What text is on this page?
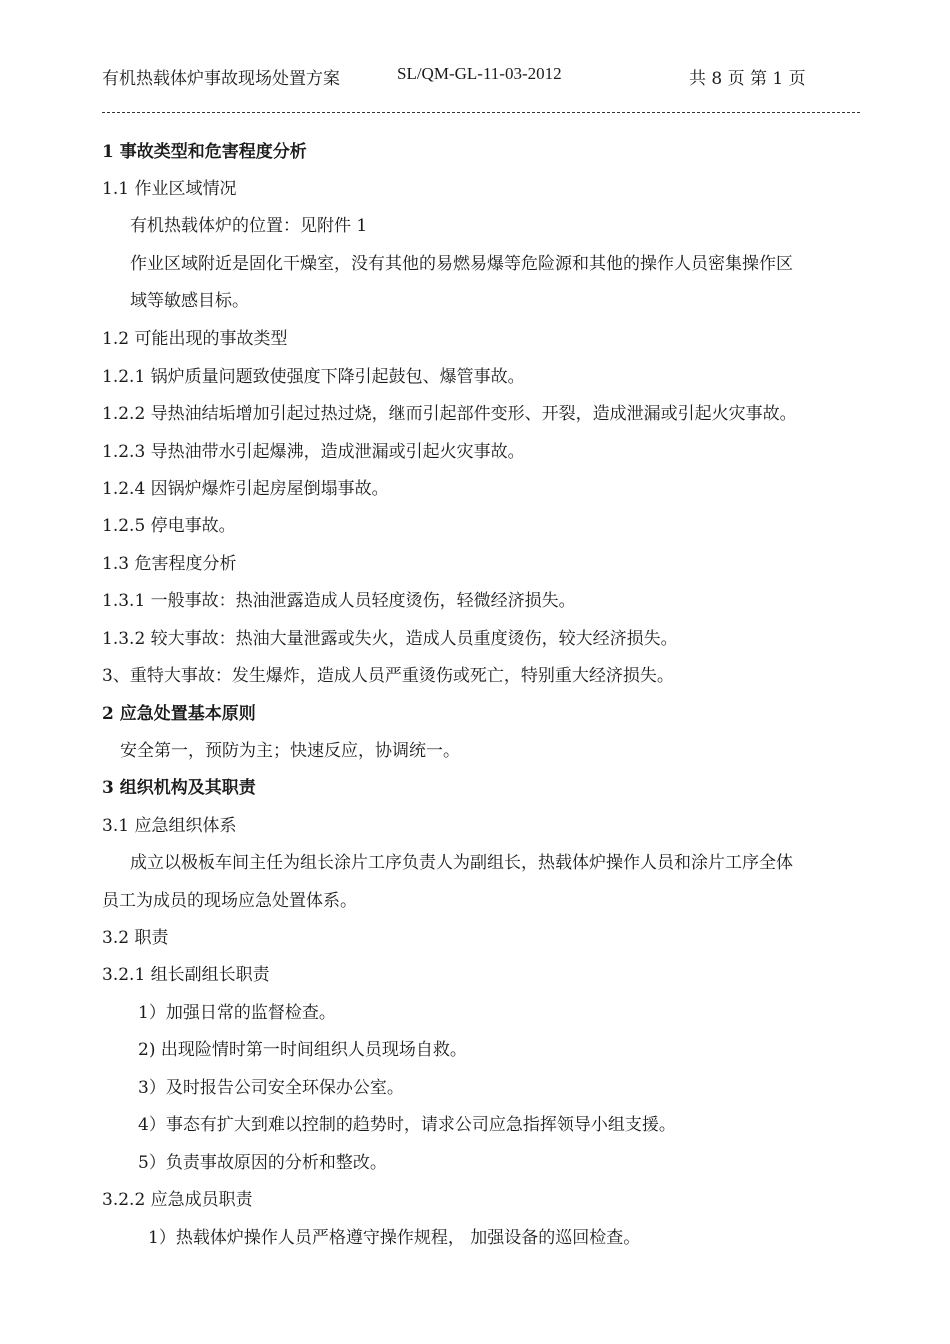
有机热载体炉事故现场处置方案	SL/QM-GL-11-03-2012	共 8 页 第 1 页
1 事故类型和危害程度分析
1.1 作业区域情况
有机热载体炉的位置：见附件 1
作业区域附近是固化干燥室，没有其他的易燃易爆等危险源和其他的操作人员密集操作区
域等敏感目标。
1.2 可能出现的事故类型
1.2.1 锅炉质量问题致使强度下降引起鼓包、爆管事故。
1.2.2 导热油结垢增加引起过热过烧，继而引起部件变形、开裂，造成泄漏或引起火灾事故。
1.2.3 导热油带水引起爆沸，造成泄漏或引起火灾事故。
1.2.4 因锅炉爆炸引起房屋倒塌事故。
1.2.5 停电事故。
1.3 危害程度分析
1.3.1 一般事故：热油泄露造成人员轻度烫伤，轻微经济损失。
1.3.2 较大事故：热油大量泄露或失火，造成人员重度烫伤，较大经济损失。
3、重特大事故：发生爆炸，造成人员严重烫伤或死亡，特别重大经济损失。
2 应急处置基本原则
安全第一，预防为主；快速反应，协调统一。
3 组织机构及其职责
3.1 应急组织体系
成立以极板车间主任为组长涂片工序负责人为副组长，热载体炉操作人员和涂片工序全体
员工为成员的现场应急处置体系。
3.2 职责
3.2.1 组长副组长职责
1）加强日常的监督检查。
2) 出现险情时第一时间组织人员现场自救。
3）及时报告公司安全环保办公室。
4）事态有扩大到难以控制的趋势时，请求公司应急指挥领导小组支援。
5）负责事故原因的分析和整改。
3.2.2 应急成员职责
1）热载体炉操作人员严格遵守操作规程， 加强设备的巡回检查。
